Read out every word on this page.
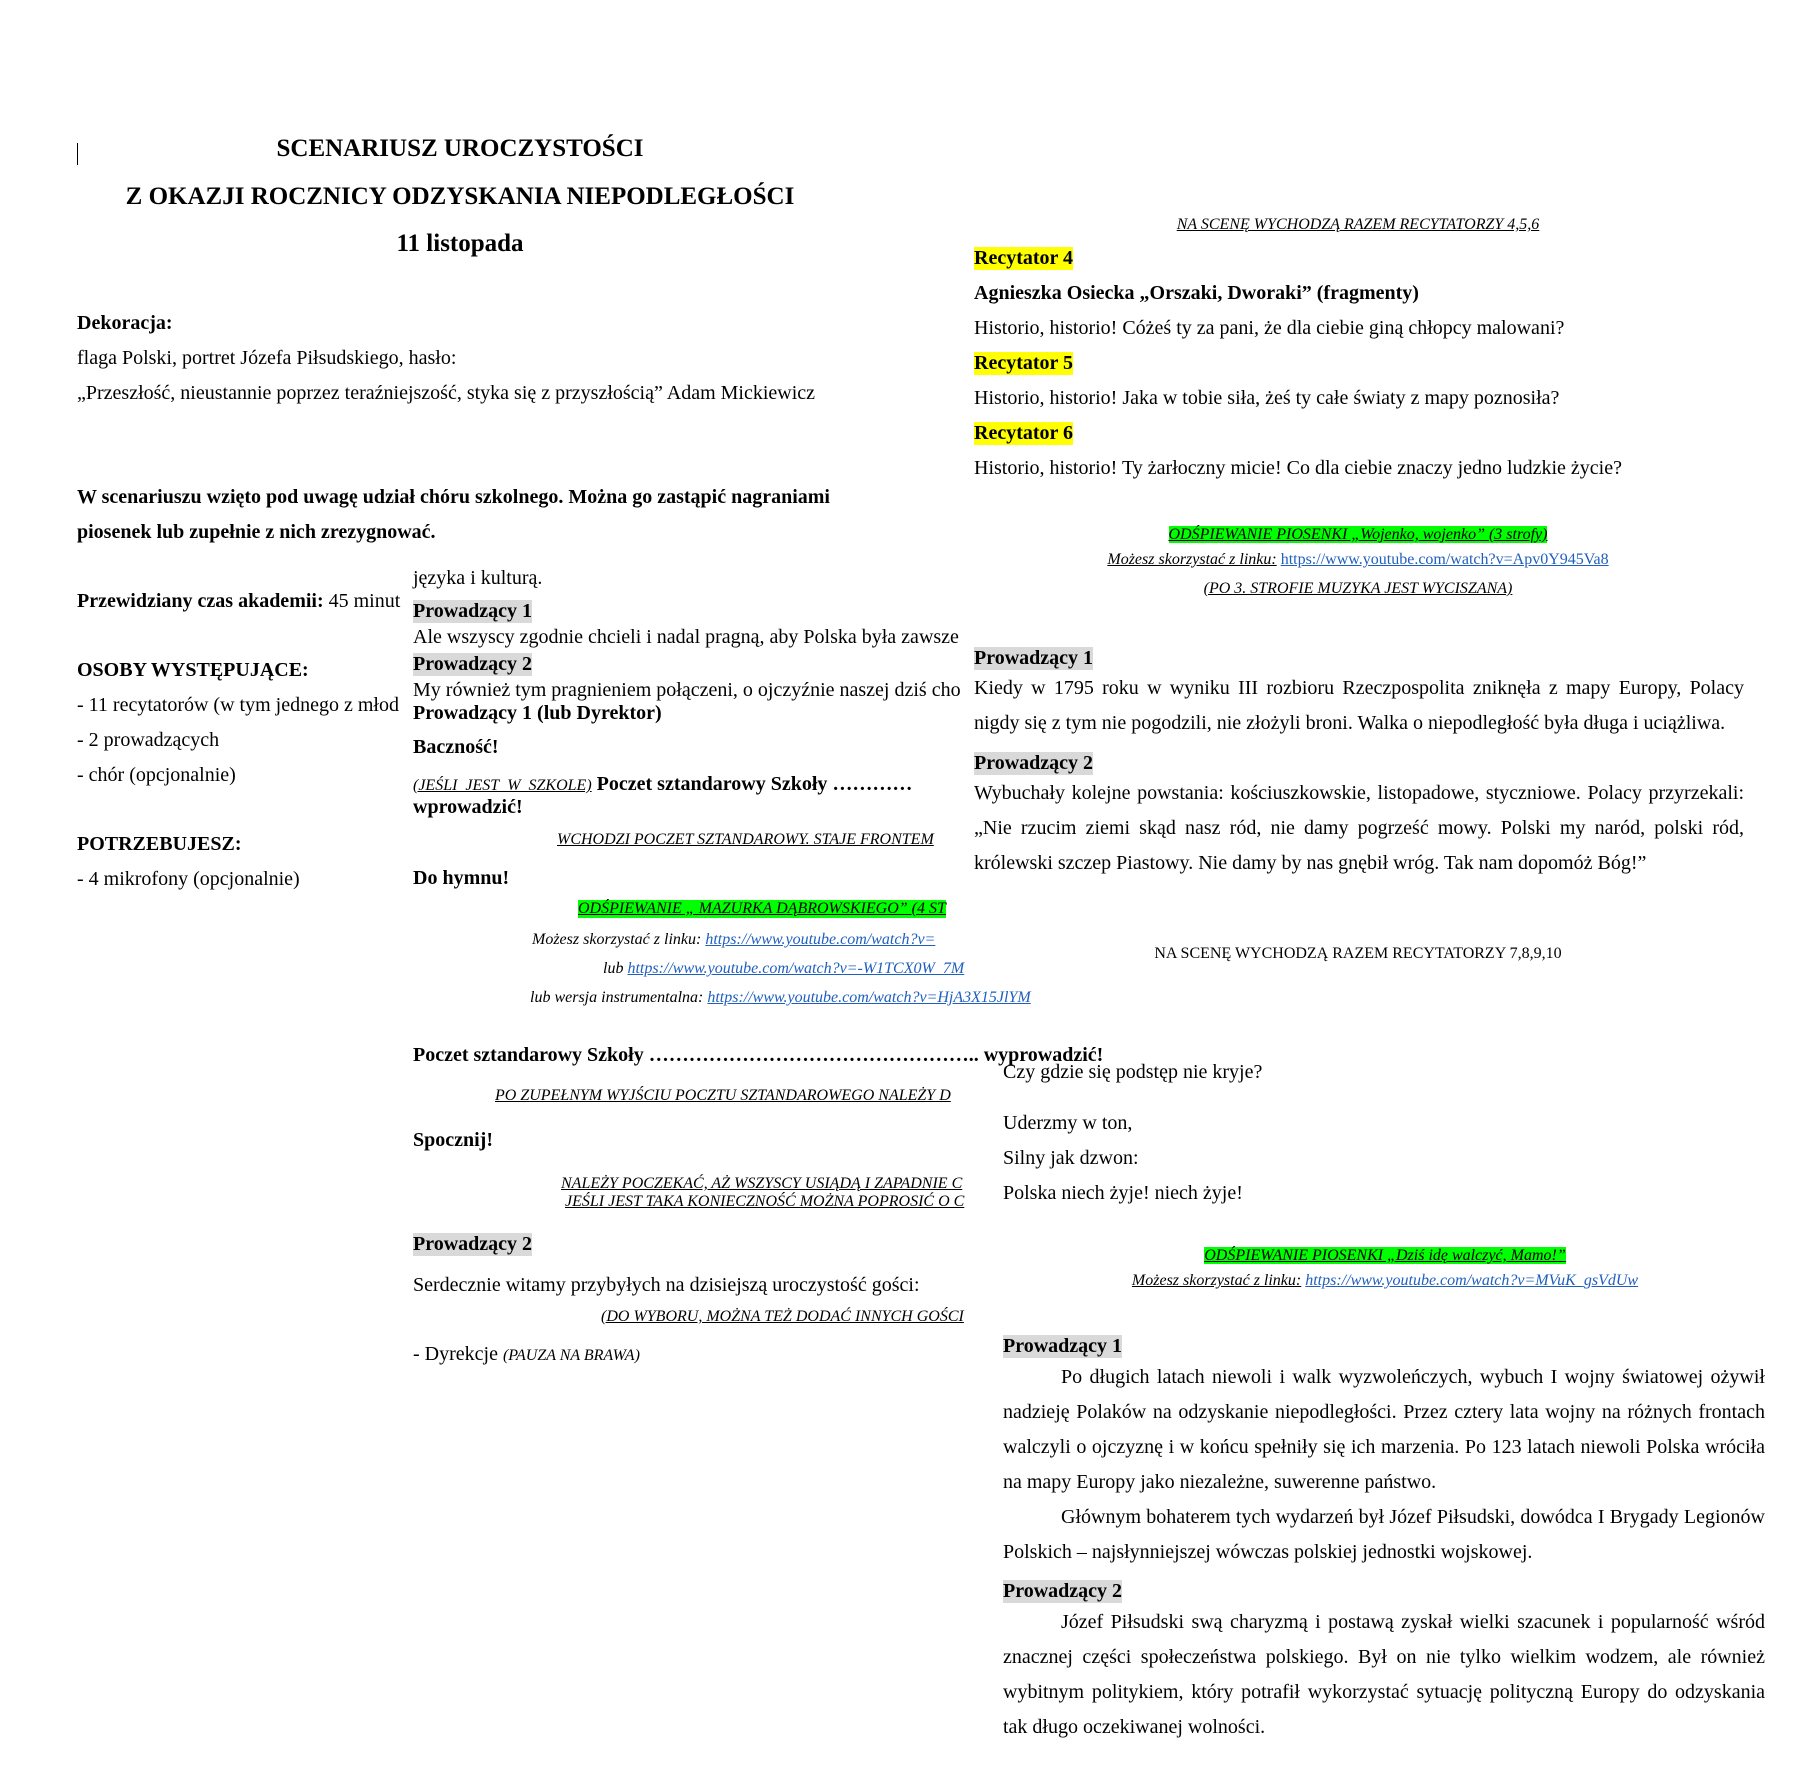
SCENARIUSZ UROCZYSTOŚCI
Z OKAZJI ROCZNICY ODZYSKANIA NIEPODLEGŁOŚCI
11 listopada
Dekoracja:
flaga Polski, portret Józefa Piłsudskiego, hasło:
„Przeszłość, nieustannie poprzez teraźniejszość, styka się z przyszłością” Adam Mickiewicz
W scenariuszu wzięto pod uwagę udział chóru szkolnego. Można go zastąpić nagraniami
piosenek lub zupełnie z nich zrezygnować.
Przewidziany czas akademii: 45 minut
OSOBY WYSTĘPUJĄCE:
- 11 recytatorów (w tym jednego z młod
- 2 prowadzących
- chór (opcjonalnie)
POTRZEBUJESZ:
- 4 mikrofony (opcjonalnie)
języka i kulturą.
Prowadzący 1
Ale wszyscy zgodnie chcieli i nadal pragną, aby Polska była zawsze
Prowadzący 2
My również tym pragnieniem połączeni, o ojczyźnie naszej dziś cho
Prowadzący 1 (lub Dyrektor)
Baczność!
(JEŚLI_JEST_W_SZKOLE) Poczet sztandarowy Szkoły …………
wprowadzić!
WCHODZI POCZET SZTANDAROWY. STAJE FRONTEM
Do hymnu!
ODŚPIEWANIE „ MAZURKA DĄBROWSKIEGO” (4 ST
Możesz skorzystać z linku: https://www.youtube.com/watch?v=
lub https://www.youtube.com/watch?v=-W1TCX0W_7M
lub wersja instrumentalna: https://www.youtube.com/watch?v=HjA3X15JlYM
Poczet sztandarowy Szkoły ………………………………………….. wyprowadzić!
PO ZUPEŁNYM WYJŚCIU POCZTU SZTANDAROWEGO NALEŻY D
Spocznij!
NALEŻY POCZEKAĆ, AŻ WSZYSCY USIĄDĄ I ZAPADNIE C
JEŚLI JEST TAKA KONIECZNOŚĆ MOŻNA POPROSIĆ O C
Prowadzący 2
Serdecznie witamy przybyłych na dzisiejszą uroczystość gości:
(DO WYBORU, MOŻNA TEŻ DODAĆ INNYCH GOŚCI
- Dyrekcje (PAUZA NA BRAWA)
NA SCENĘ WYCHODZĄ RAZEM RECYTATORZY 4,5,6
Recytator 4
Agnieszka Osiecka „Orszaki, Dworaki” (fragmenty)
Historio, historio! Cóżeś ty za pani, że dla ciebie giną chłopcy malowani?
Recytator 5
Historio, historio! Jaka w tobie siła, żeś ty całe światy z mapy poznosiła?
Recytator 6
Historio, historio! Ty żarłoczny micie! Co dla ciebie znaczy jedno ludzkie życie?
ODŚPIEWANIE PIOSENKI „Wojenko, wojenko” (3 strofy)
Możesz skorzystać z linku: https://www.youtube.com/watch?v=Apv0Y945Va8
(PO 3. STROFIE MUZYKA JEST WYCISZANA)
Prowadzący 1
Kiedy w 1795 roku w wyniku III rozbioru Rzeczpospolita zniknęła z mapy Europy, Polacy nigdy się z tym nie pogodzili, nie złożyli broni. Walka o niepodległość była długa i uciążliwa.
Prowadzący 2
Wybuchały kolejne powstania: kościuszkowskie, listopadowe, styczniowe. Polacy przyrzekali: „Nie rzucim ziemi skąd nasz ród, nie damy pogrześć mowy. Polski my naród, polski ród, królewski szczep Piastowy. Nie damy by nas gnębił wróg. Tak nam dopomóż Bóg!”
NA SCENĘ WYCHODZĄ RAZEM RECYTATORZY 7,8,9,10
Czy gdzie się podstęp nie kryje?
Uderzmy w ton,
Silny jak dzwon:
Polska niech żyje! niech żyje!
ODŚPIEWANIE PIOSENKI „Dziś idę walczyć, Mamo!”
Możesz skorzystać z linku: https://www.youtube.com/watch?v=MVuK_gsVdUw
Prowadzący 1
Po długich latach niewoli i walk wyzwoleńczych, wybuch I wojny światowej ożywił nadzieję Polaków na odzyskanie niepodległości. Przez cztery lata wojny na różnych frontach walczyli o ojczyznę i w końcu spełniły się ich marzenia. Po 123 latach niewoli Polska wróciła na mapy Europy jako niezależne, suwerenne państwo.
Głównym bohaterem tych wydarzeń był Józef Piłsudski, dowódca I Brygady Legionów Polskich – najsłynniejszej wówczas polskiej jednostki wojskowej.
Prowadzący 2
Józef Piłsudski swą charyzmą i postawą zyskał wielki szacunek i popularność wśród znacznej części społeczeństwa polskiego. Był on nie tylko wielkim wodzem, ale również wybitnym politykiem, który potrafił wykorzystać sytuację polityczną Europy do odzyskania tak długo oczekiwanej wolności.
